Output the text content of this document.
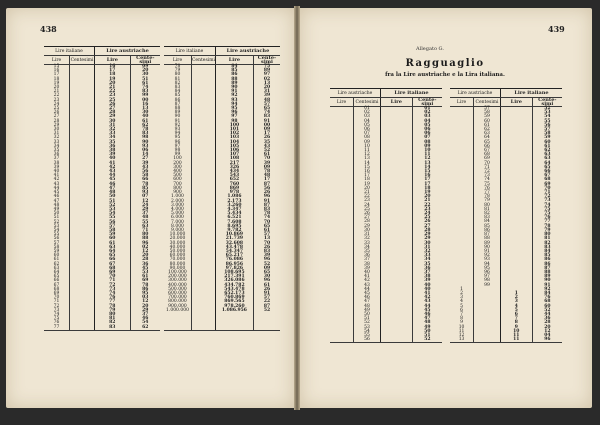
438
Lire italiane		Lire austriache	
Lire	Centesimi	Lire	Cente-
simi
15		16	09
16		17	20
17		18	30
18		19	51
19		20	61
20		21	74
21		22	83
22		23	99
23		25	00
24		26	16
25		27	13
26		28	30
27		29	40
28		30	61
29		31	62
30		32	78
31		33	83
32		34	98
33		35	90
34		36	93
35		38	06
36		39	14
37		40	27
38		41	39
39		42	43
40		43	56
41		44	58
42		45	66
43		46	78
44		47	85
45		48	93
46		50	07
47		51	12
48		52	24
49		53	29
50		54	37
51		55	48
52		56	55
53		57	63
54		58	71
55		59	80
56		60	88
57		61	96
58		63	02
59		64	12
60		65	20
61		66	28
62		67	36
63		68	45
64		69	53
65		70	61
66		71	69
67		72	78
68		73	86
69		74	95
70		76	03
71		77	12
72		78	20
73		79	29
74		80	37
75		81	46
76		82	54
77		83	62
Lire italiane		Lire austriache	
Lire	Centesimi	Lire	Cente-
simi
78		84	75
79		85	89
80		86	97
81		88	02
82		89	13
83		90	20
84		91	31
85		92	39
86		93	48
87		94	57
88		95	65
89		96	74
90		97	83
91		98	91
92		100	00
93		101	09
94		102	17
95		103	26
96		104	35
97		105	43
98		106	52
99		107	61
100		108	70
200		217	39
300		326	09
400		434	78
500		543	48
600		652	17
700		760	87
800		869	56
900		978	26
1.000		1.086	96
2.000		2.173	91
3.000		3.260	87
4.000		4.347	83
5.000		5.434	78
6.000		6.521	74
7.000		7.608	70
8.000		8.695	65
9.000		9.782	61
10.000		10.869	57
20.000		21.739	13
30.000		32.608	70
40.000		43.478	26
50.000		54.347	83
60.000		65.217	39
70.000		76.086	96
80.000		86.956	52
90.000		97.826	09
100.000		108.695	65
200.000		217.391	30
300.000		326.086	96
400.000		434.782	61
500.000		543.478	26
600.000		652.173	91
700.000		760.869	57
800.000		869.565	22
900.000		978.260	87
1.000.000		1.086.956	52

439
Allegato G.
Ragguaglio
fra la Lire austriache e la Lira italiana.
Lire austriache		Lire italiane	
Lire	Centesimi	Lire	Cente-
simi
	01		01
	02		02
	03		03
	04		04
	05		05
	06		06
	07		06
	08		07
	09		08
	10		09
	11		10
	12		11
	13		12
	14		13
	15		14
	16		15
	17		16
	18		17
	19		17
	20		18
	21		19
	22		20
	23		21
	24		22
	25		23
	26		24
	27		25
	28		26
	29		27
	30		28
	31		29
	32		29
	33		30
	34		31
	35		32
	36		33
	37		34
	38		35
	39		36
	40		37
	41		38
	42		39
	43		40
	44		40
	45		41
	46		42
	47		43
	48		44
	49		45
	50		46
	51		47
	52		48
	53		49
	54		50
	55		51
	56		52
Lire austriache		Lire italiane	
Lire	Centesimi	Lire	Cente-
simi
	57		52
	58		53
	59		54
	60		55
	61		56
	62		57
	63		58
	64		59
	65		60
	66		61
	67		62
	68		63
	69		63
	70		64
	71		65
	72		66
	73		67
	74		68
	75		69
	76		70
	77		71
	78		72
	79		73
	80		74
	81		75
	82		75
	83		76
	84		77
	85		78
	86		79
	87		80
	88		81
	89		82
	90		83
	91		84
	92		85
	93		86
	94		86
	95		87
	96		88
	97		89
	98		90
	99		91
1			92
2		1	84
3		2	76
4		3	68
5		4	60
6		5	52
7		6	44
8		7	36
9		8	28
10		9	20
11		10	12
12		11	04
13		11	96
